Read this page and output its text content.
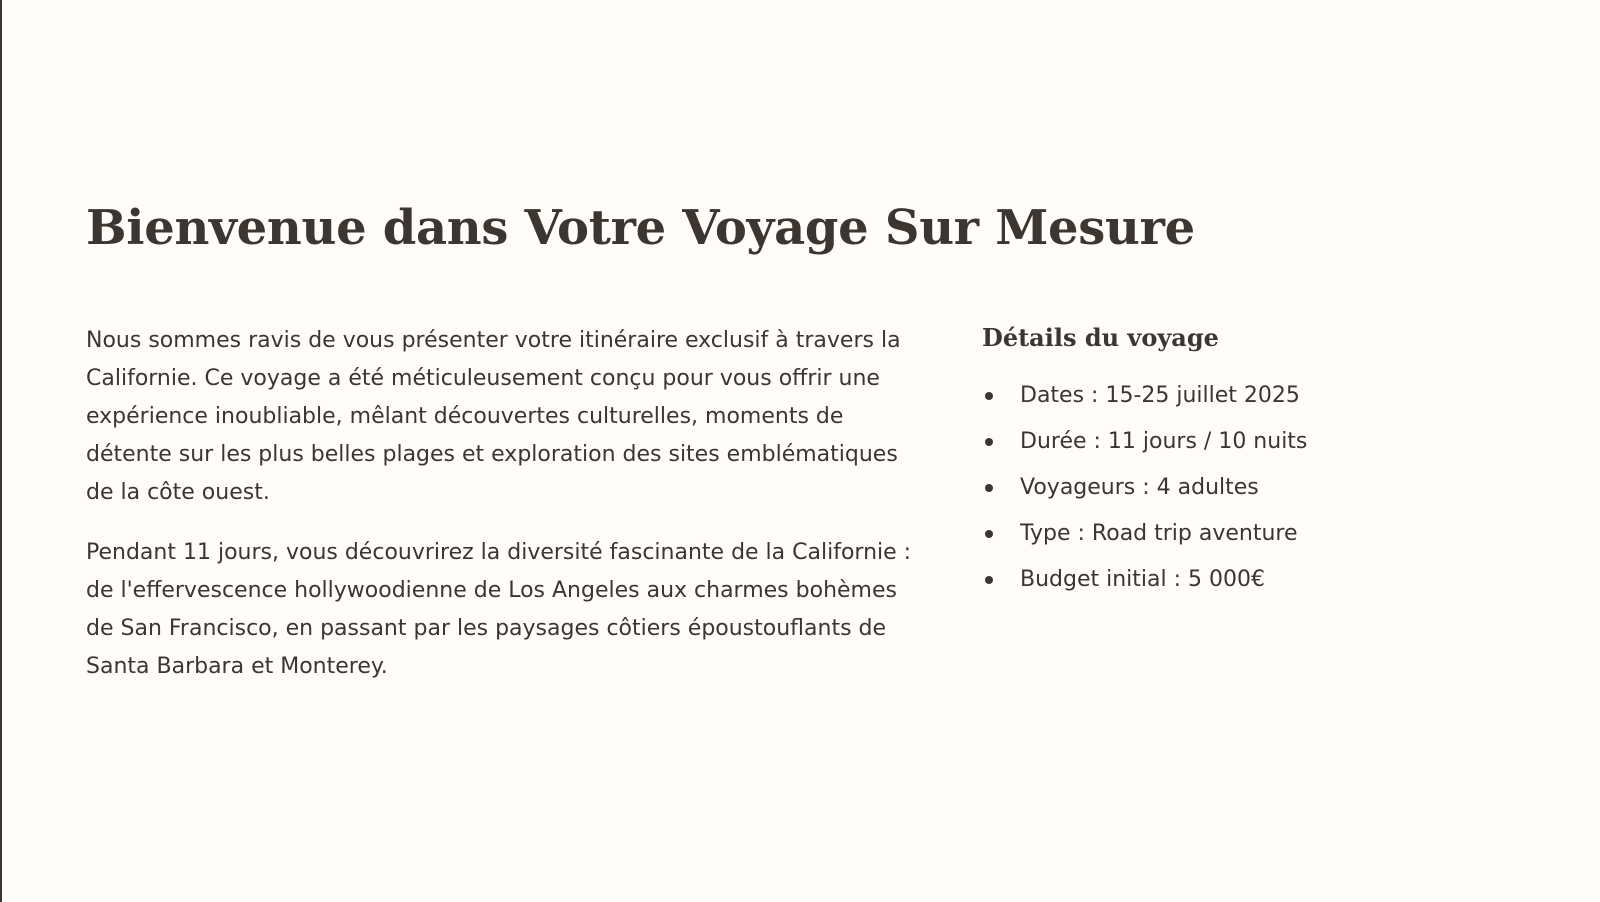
Bienvenue dans Votre Voyage Sur Mesure

Nous sommes ravis de vous présenter votre itinéraire exclusif à travers la Californie. Ce voyage a été méticuleusement conçu pour vous offrir une expérience inoubliable, mêlant découvertes culturelles, moments de détente sur les plus belles plages et exploration des sites emblématiques de la côte ouest.

Pendant 11 jours, vous découvrirez la diversité fascinante de la Californie : de l'effervescence hollywoodienne de Los Angeles aux charmes bohèmes de San Francisco, en passant par les paysages côtiers époustouflants de Santa Barbara et Monterey.

Détails du voyage
Dates : 15-25 juillet 2025
Durée : 11 jours / 10 nuits
Voyageurs : 4 adultes
Type : Road trip aventure
Budget initial : 5 000€
